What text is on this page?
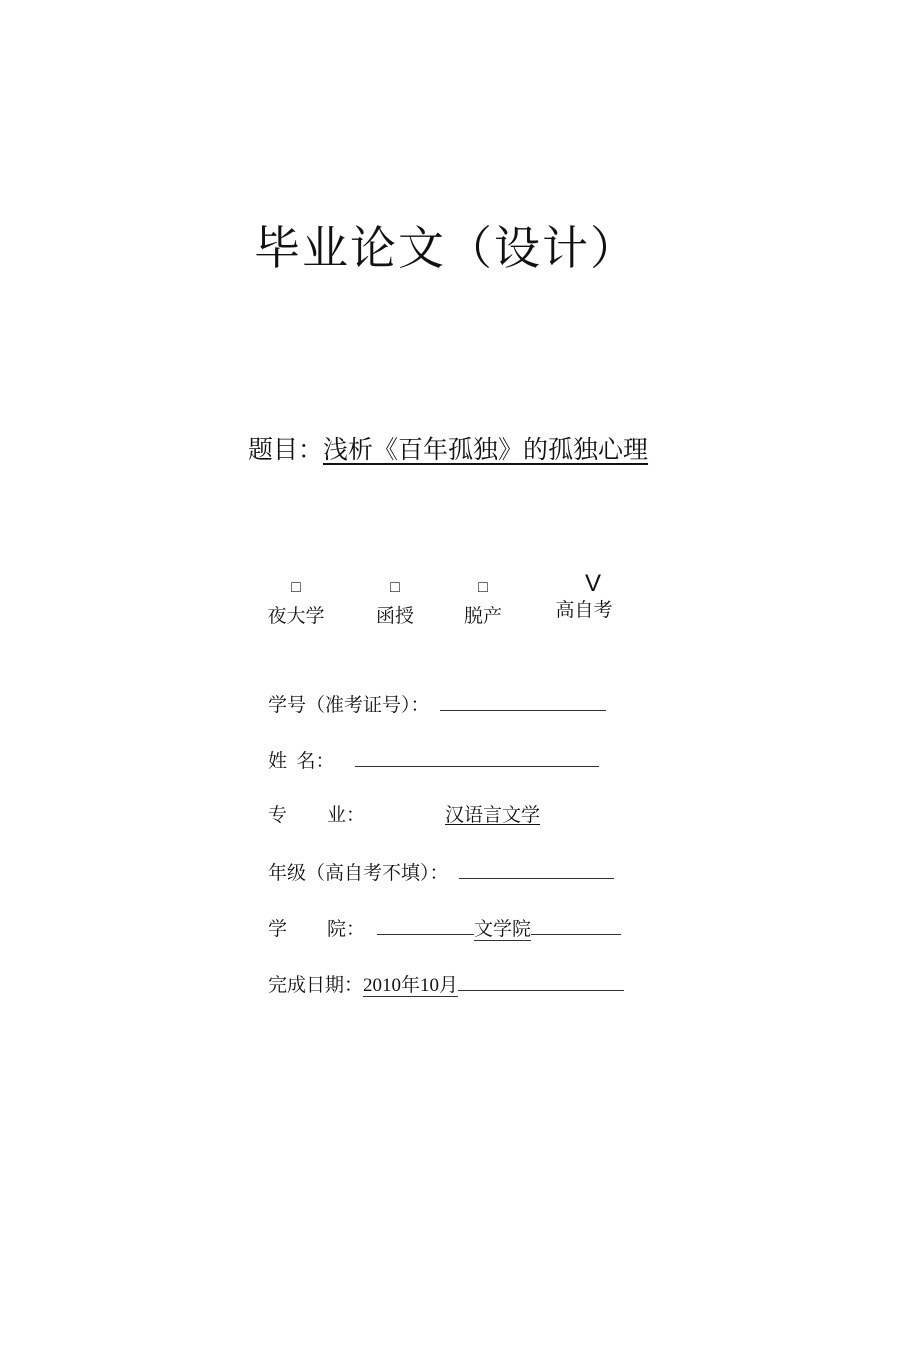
毕业论文（设计）
题目：浅析《百年孤独》的孤独心理
□
夜大学
□
函授
□
脱产
V
高自考
学号（准考证号）：
姓  名：
专 业：	汉语言文学
年级（高自考不填）：
学 院：	文学院
完成日期：2010年10月
